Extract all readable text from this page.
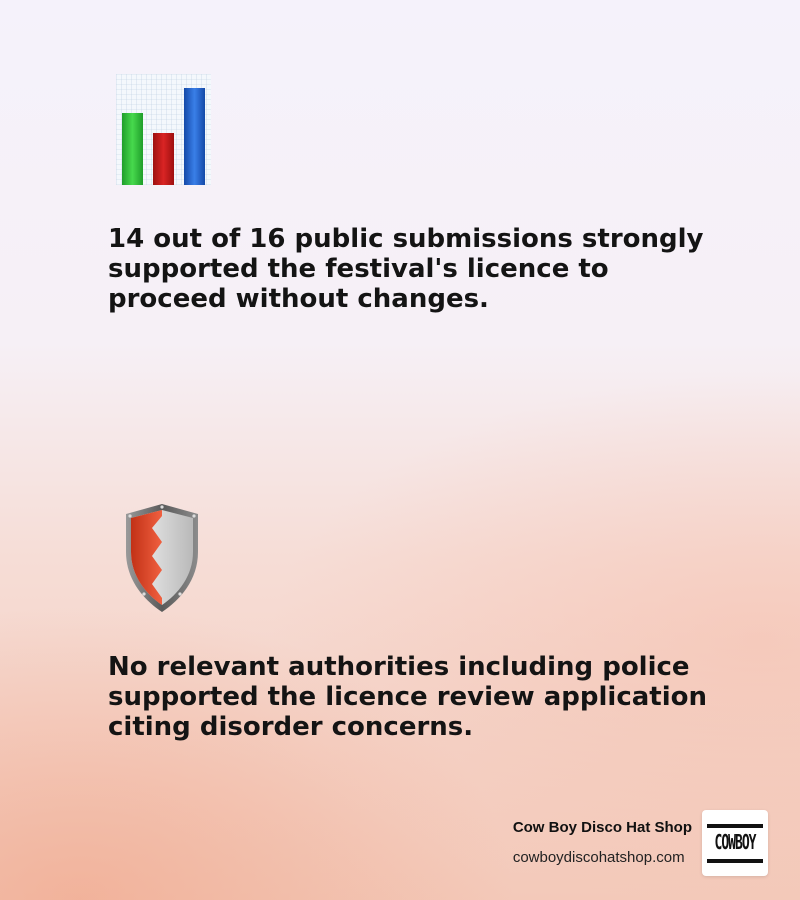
14 out of 16 public submissions strongly supported the festival's licence to proceed without changes.

No relevant authorities including police supported the licence review application citing disorder concerns.

Cow Boy Disco Hat Shop
cowboydiscohatshop.com
COWBOY
